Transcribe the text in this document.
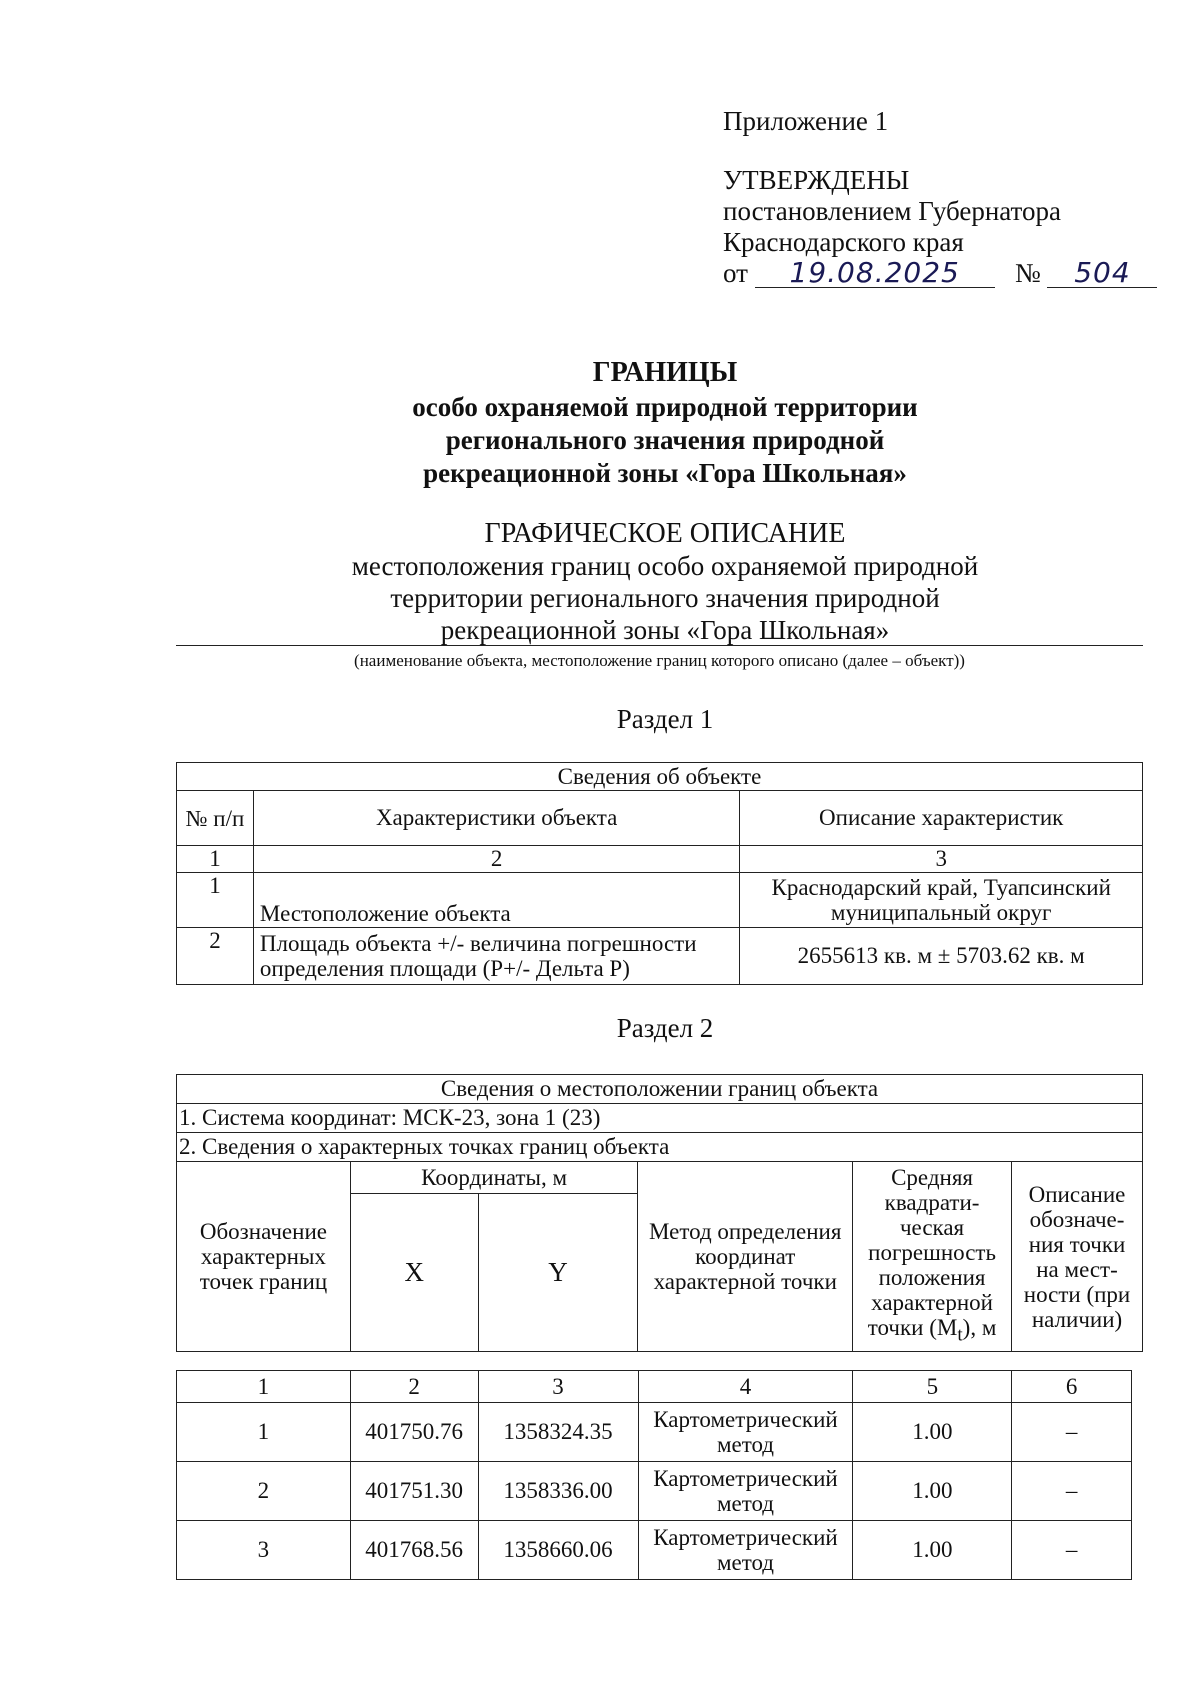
Приложение 1
УТВЕРЖДЕНЫ
постановлением Губернатора
Краснодарского края
от 19.08.2025 № 504
ГРАНИЦЫ
особо охраняемой природной территории
регионального значения природной
рекреационной зоны «Гора Школьная»
ГРАФИЧЕСКОЕ ОПИСАНИЕ
местоположения границ особо охраняемой природной
территории регионального значения природной
рекреационной зоны «Гора Школьная»
(наименование объекта, местоположение границ которого описано (далее – объект))
Раздел 1
Сведения об объекте		
№ п/п	Характеристики объекта	Описание характеристик
1	2	3
1	Местоположение объекта	Краснодарский край, Туапсинский муниципальный округ
2	Площадь объекта +/- величина погрешности определения площади (P+/- Дельта P)	2655613 кв. м ± 5703.62 кв. м
Раздел 2
Сведения о местоположении границ объекта					
1. Система координат: МСК-23, зона 1 (23)					
2. Сведения о характерных точках границ объекта					
Обозначение характерных точек границ	Координаты, м		Метод определения координат характерной точки	Средняя квадрати-ческая погрешность положения характерной точки $(M_t)$, м	Описание обозначе-ния точки на мест-ности (при наличии)
	X	Y			
1	2	3	4	5	6
1	401750.76	1358324.35	Картометрический метод	1.00	–
2	401751.30	1358336.00	Картометрический метод	1.00	–
3	401768.56	1358660.06	Картометрический метод	1.00	–
